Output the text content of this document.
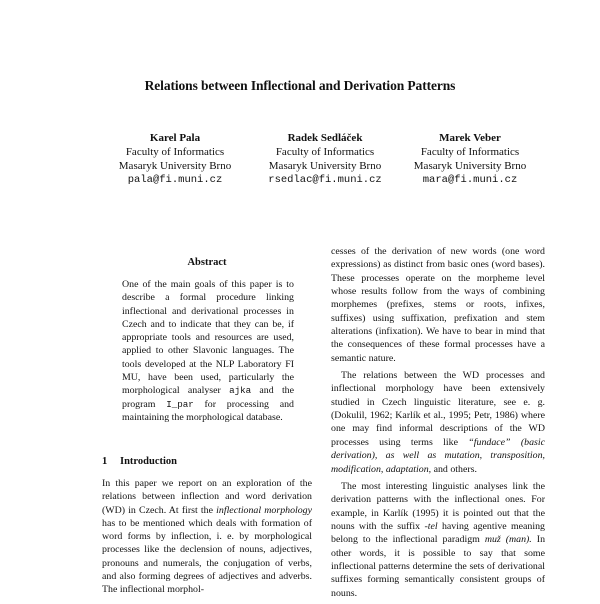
Relations between Inflectional and Derivation Patterns
Karel Pala
Faculty of Informatics
Masaryk University Brno
pala@fi.muni.cz
Radek Sedláček
Faculty of Informatics
Masaryk University Brno
rsedlac@fi.muni.cz
Marek Veber
Faculty of Informatics
Masaryk University Brno
mara@fi.muni.cz
Abstract
One of the main goals of this paper is to describe a formal procedure linking inflectional and derivational processes in Czech and to indicate that they can be, if appropriate tools and resources are used, applied to other Slavonic languages. The tools developed at the NLP Laboratory FI MU, have been used, particularly the morphological analyser ajka and the program I_par for processing and maintaining the morphological database.
1 Introduction

In this paper we report on an exploration of the relations between inflection and word derivation (WD) in Czech. At first the inflectional morphology has to be mentioned which deals with formation of word forms by inflection, i. e. by morphological processes like the declension of nouns, adjectives, pronouns and numerals, the conjugation of verbs, and also forming degrees of adjectives and adverbs. The inflectional morphol-

cesses of the derivation of new words (one word expressions) as distinct from basic ones (word bases). These processes operate on the morpheme level whose results follow from the ways of combining morphemes (prefixes, stems or roots, infixes, suffixes) using suffixation, prefixation and stem alterations (infixation). We have to bear in mind that the consequences of these formal processes have a semantic nature.

The relations between the WD processes and inflectional morphology have been extensively studied in Czech linguistic literature, see e. g. (Dokulil, 1962; Karlík et al., 1995; Petr, 1986) where one may find informal descriptions of the WD processes using terms like “fundace” (basic derivation), as well as mutation, transposition, modification, adaptation, and others.

The most interesting linguistic analyses link the derivation patterns with the inflectional ones. For example, in Karlík (1995) it is pointed out that the nouns with the suffix -tel having agentive meaning belong to the inflectional paradigm muž (man). In other words, it is possible to say that some inflectional patterns determine the sets of derivational suffixes forming semantically consistent groups of nouns.
